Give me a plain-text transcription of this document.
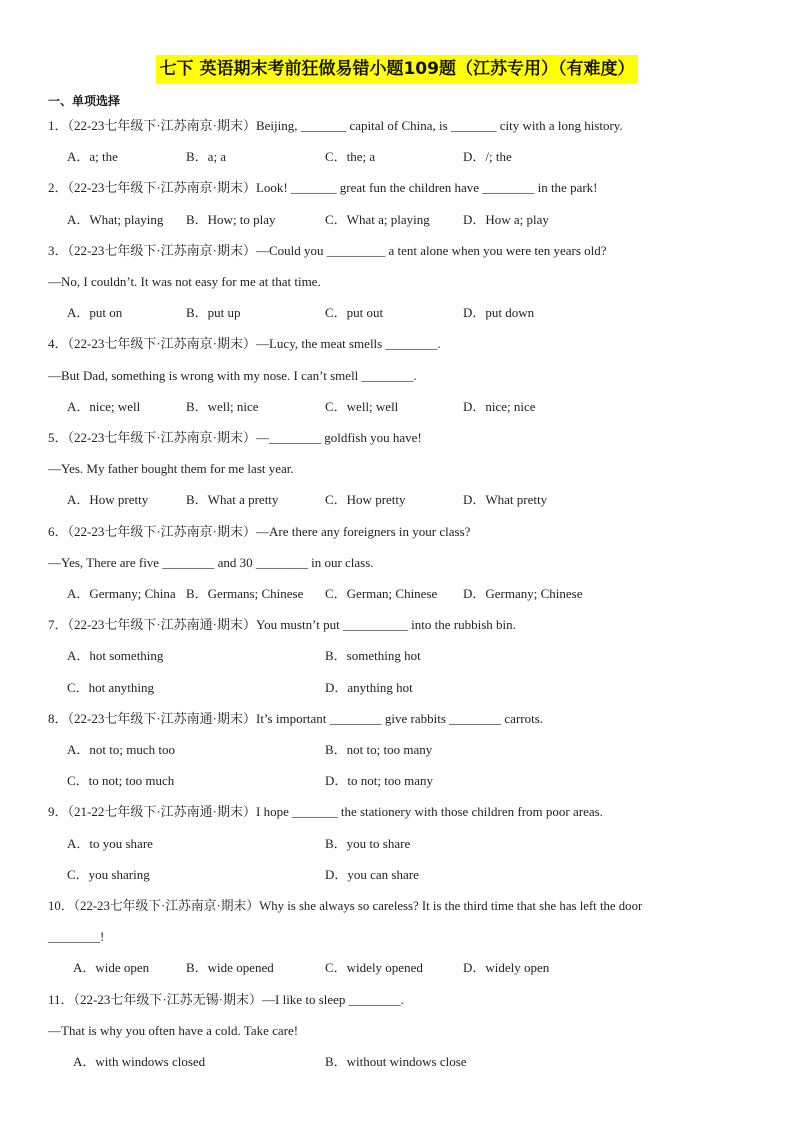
七下 英语期末考前狂做易错小题109题（江苏专用）（有难度）
一、单项选择
1．（22-23七年级下·江苏南京·期末）Beijing, _______ capital of China, is _______ city with a long history.
A．a; the	B．a; a	C．the; a	D．/; the
2．（22-23七年级下·江苏南京·期末）Look! _______ great fun the children have ________ in the park!
A．What; playing B．How; to play	C．What a; playing	D．How a; play
3．（22-23七年级下·江苏南京·期末）—Could you _________ a tent alone when you were ten years old?
—No, I couldn’t. It was not easy for me at that time.
A．put on	B．put up	C．put out	D．put down
4．（22-23七年级下·江苏南京·期末）—Lucy, the meat smells ________.
—But Dad, something is wrong with my nose. I can’t smell ________.
A．nice; well	B．well; nice	C．well; well	D．nice; nice
5．（22-23七年级下·江苏南京·期末）—________ goldfish you have!
—Yes. My father bought them for me last year.
A．How pretty	B．What a pretty	C．How pretty	D．What pretty
6．（22-23七年级下·江苏南京·期末）—Are there any foreigners in your class?
—Yes, There are five ________ and 30 ________ in our class.
A．Germany; China B．Germans; Chinese C．German; Chinese D．Germany; Chinese
7．（22-23七年级下·江苏南通·期末）You mustn’t put __________ into the rubbish bin.
A．hot something	B．something hot
C．hot anything	D．anything hot
8．（22-23七年级下·江苏南通·期末）It’s important ________ give rabbits ________ carrots.
A．not to; much too	B．not to; too many
C．to not; too much	D．to not; too many
9．（21-22七年级下·江苏南通·期末）I hope _______ the stationery with those children from poor areas.
A．to you share	B．you to share
C．you sharing	D．you can share
10．（22-23七年级下·江苏南京·期末）Why is she always so careless? It is the third time that she has left the door
________!
A．wide open	B．wide opened	C．widely opened	D．widely open
11．（22-23七年级下·江苏无锡·期末）—I like to sleep ________.
—That is why you often have a cold. Take care!
A．with windows closed	B．without windows close
